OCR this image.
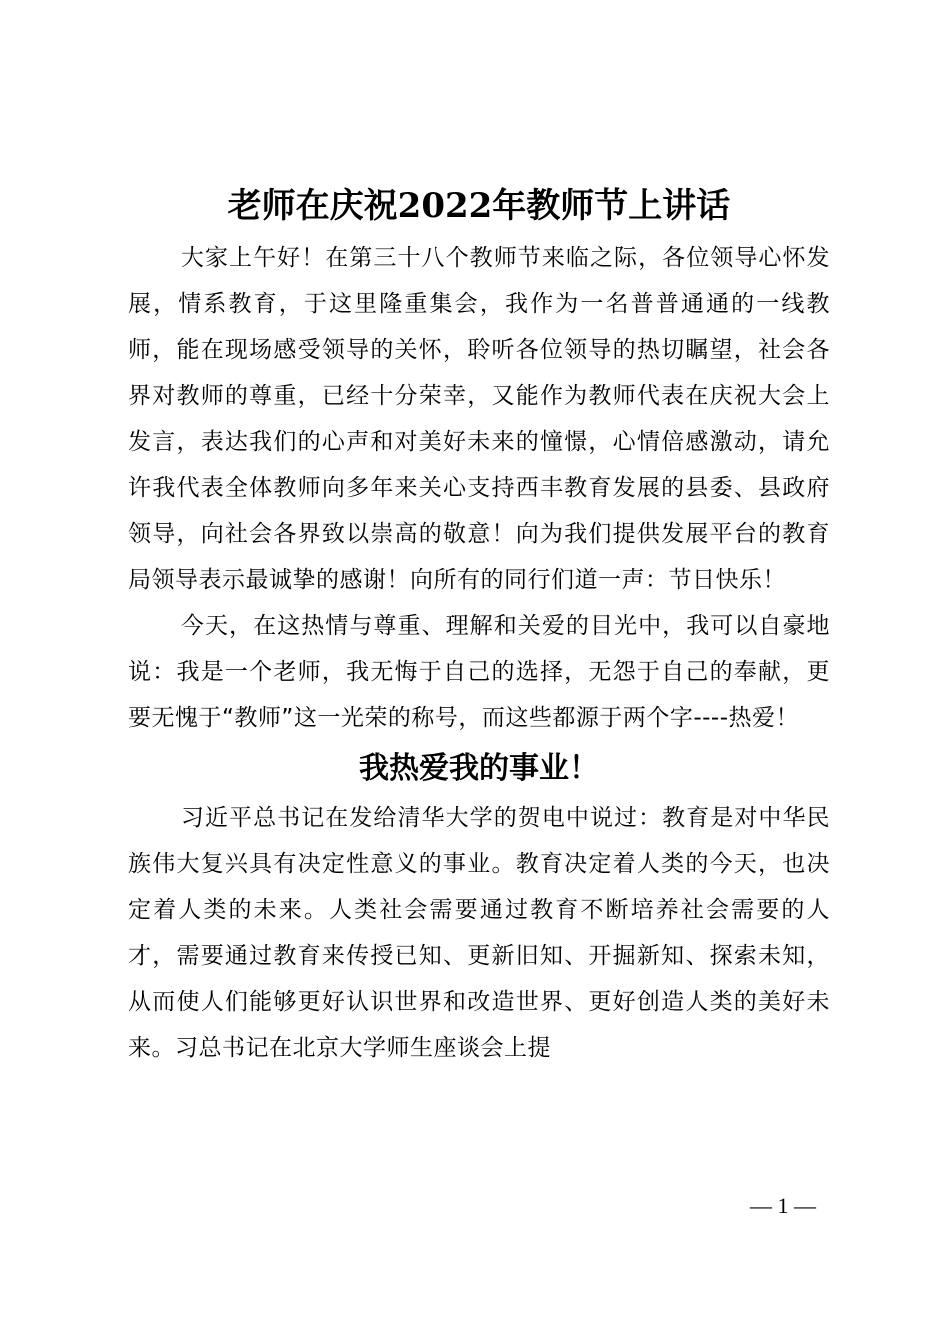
老师在庆祝2022年教师节上讲话

大家上午好！在第三十八个教师节来临之际，各位领导心怀发展，情系教育，于这里隆重集会，我作为一名普普通通的一线教师，能在现场感受领导的关怀，聆听各位领导的热切瞩望，社会各界对教师的尊重，已经十分荣幸，又能作为教师代表在庆祝大会上发言，表达我们的心声和对美好未来的憧憬，心情倍感激动，请允许我代表全体教师向多年来关心支持西丰教育发展的县委、县政府领导，向社会各界致以崇高的敬意！向为我们提供发展平台的教育局领导表示最诚挚的感谢！向所有的同行们道一声：节日快乐！

今天，在这热情与尊重、理解和关爱的目光中，我可以自豪地说：我是一个老师，我无悔于自己的选择，无怨于自己的奉献，更要无愧于“教师”这一光荣的称号，而这些都源于两个字----热爱！

我热爱我的事业！

习近平总书记在发给清华大学的贺电中说过：教育是对中华民族伟大复兴具有决定性意义的事业。教育决定着人类的今天，也决定着人类的未来。人类社会需要通过教育不断培养社会需要的人才，需要通过教育来传授已知、更新旧知、开掘新知、探索未知，从而使人们能够更好认识世界和改造世界、更好创造人类的美好未来。习总书记在北京大学师生座谈会上提

— 1 —
